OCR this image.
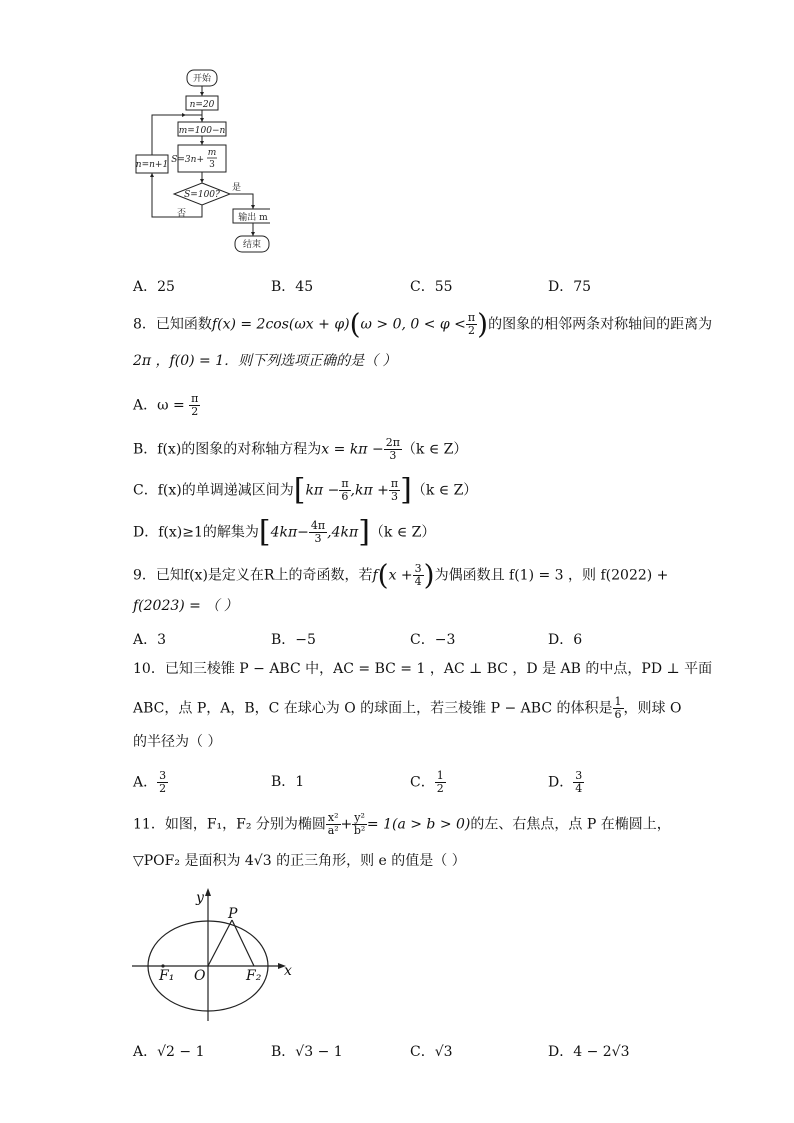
开始
n=20
m=100−n
S=3n+
m
3
S=100?
是
否
n=n+1
输出 m
结束
A．25	B．45	C．55	D．75
8．已知函数f(x) = 2cos(ωx + φ)(ω > 0, $0 < \varphi < \frac{\pi}{2}$ )的图象的相邻两条对称轴间的距离为
2π ，f(0) = 1．则下列选项正确的是（ ）
A．$\omega = \frac{\pi}{2}$
B．f(x)的图象的对称轴方程为$x = k\pi - \frac{2\pi}{3} (k$ ∈ Z）
C．f(x)的单调递减区间为$[k\pi - \frac{\pi}{6} ,k\pi + \frac{\pi}{3} ](k$ ∈ Z）
D．f(x)≥1的解集为$[4k\pi- \frac{4\pi}{3} ,4k\pi](k$ ∈ Z）
9．已知f(x)是定义在R上的奇函数，若$f(x + \frac{3}{4}$ )为偶函数且 f(1) = 3 ，则 f(2022) +
f(2023) = （ ）
A．3	B．−5	C．−3	D．6
10．已知三棱锥 P − ABC 中，AC = BC = 1 ，AC ⊥ BC ，D 是 AB 的中点，PD ⊥ 平面
ABC，点 P，A，B，C 在球心为 O 的球面上，若三棱锥 P − ABC 的体积是 $\frac{1}{6}$ ，则球 O
的半径为（ ）
A． $\frac{3}{2}$	B．1	C． $\frac{1}{2}$	D． $\frac{3}{4}$
11．如图，F₁，F₂ 分别为椭圆 $\frac{\text{x²}}{\text{a²}} + \frac{\text{y²}}{\text{b²}} = 1(a > b > 0)$的左、右焦点，点 P 在椭圆上，
▽POF₂ 是面积为 4√3 的正三角形，则 e 的值是（ ）
y
x
P
O
F₁	F₂
A．√2 − 1	B．√3 − 1	C．√3	D．4 − 2√3
